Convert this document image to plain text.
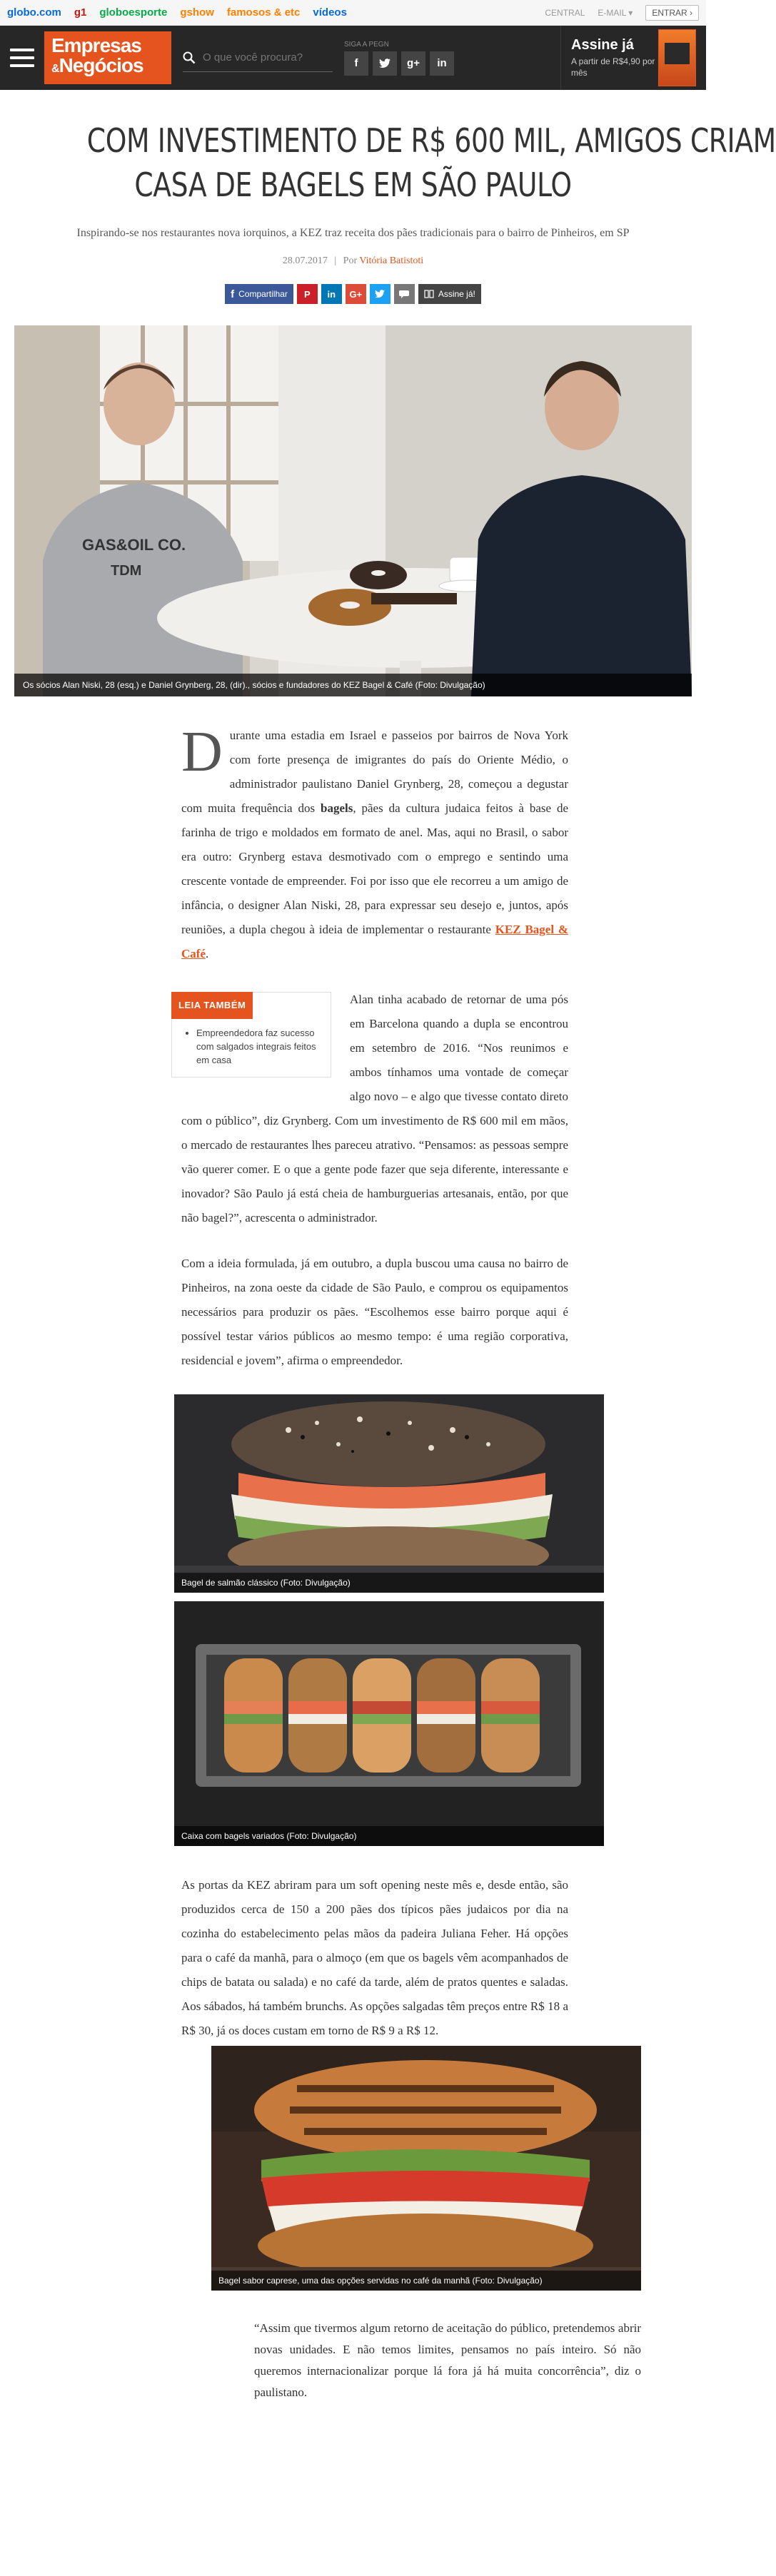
globo.com g1 globoesporte gshow famosos & etc vídeos	CENTRAL E-MAIL ▾	ENTRAR ›
Empresas
&Negócios
O que você procura?
SIGA A PEGN
f	g+	in
Assine já
A partir de R$4,90 por mês
COM INVESTIMENTO DE R$ 600 MIL, AMIGOS CRIAM
CASA DE BAGELS EM SÃO PAULO
Inspirando-se nos restaurantes nova iorquinos, a KEZ traz receita dos pães tradicionais para o bairro de Pinheiros, em SP
28.07.2017 | Por Vitória Batistoti
f Compartilhar	P	in	G+	Assine já!
GAS&OIL CO.
TDM
Os sócios Alan Niski, 28 (esq.) e Daniel Grynberg, 28, (dir)., sócios e fundadores do KEZ Bagel & Café (Foto: Divulgação)

Durante uma estadia em Israel e passeios por bairros de Nova York com forte presença de imigrantes do país do Oriente Médio, o administrador paulistano Daniel Grynberg, 28, começou a degustar com muita frequência dos bagels, pães da cultura judaica feitos à base de farinha de trigo e moldados em formato de anel. Mas, aqui no Brasil, o sabor era outro: Grynberg estava desmotivado com o emprego e sentindo uma crescente vontade de empreender. Foi por isso que ele recorreu a um amigo de infância, o designer Alan Niski, 28, para expressar seu desejo e, juntos, após reuniões, a dupla chegou à ideia de implementar o restaurante KEZ Bagel & Café.

LEIA TAMBÉM
• Empreendedora faz sucesso com salgados integrais feitos em casa

Alan tinha acabado de retornar de uma pós em Barcelona quando a dupla se encontrou em setembro de 2016. “Nos reunimos e ambos tínhamos uma vontade de começar algo novo – e algo que tivesse contato direto com o público”, diz Grynberg. Com um investimento de R$ 600 mil em mãos, o mercado de restaurantes lhes pareceu atrativo. “Pensamos: as pessoas sempre vão querer comer. E o que a gente pode fazer que seja diferente, interessante e inovador? São Paulo já está cheia de hamburguerias artesanais, então, por que não bagel?”, acrescenta o administrador.

Com a ideia formulada, já em outubro, a dupla buscou uma causa no bairro de Pinheiros, na zona oeste da cidade de São Paulo, e comprou os equipamentos necessários para produzir os pães. “Escolhemos esse bairro porque aqui é possível testar vários públicos ao mesmo tempo: é uma região corporativa, residencial e jovem”, afirma o empreendedor.

Bagel de salmão clássico (Foto: Divulgação)
Caixa com bagels variados (Foto: Divulgação)

As portas da KEZ abriram para um soft opening neste mês e, desde então, são produzidos cerca de 150 a 200 pães dos típicos pães judaicos por dia na cozinha do estabelecimento pelas mãos da padeira Juliana Feher. Há opções para o café da manhã, para o almoço (em que os bagels vêm acompanhados de chips de batata ou salada) e no café da tarde, além de pratos quentes e saladas. Aos sábados, há também brunchs. As opções salgadas têm preços entre R$ 18 a R$ 30, já os doces custam em torno de R$ 9 a R$ 12.

Bagel sabor caprese, uma das opções servidas no café da manhã (Foto: Divulgação)
“Assim que tivermos algum retorno de aceitação do público, pretendemos abrir novas unidades. E não temos limites, pensamos no país inteiro. Só não queremos internacionalizar porque lá fora já há muita concorrência”, diz o paulistano.
